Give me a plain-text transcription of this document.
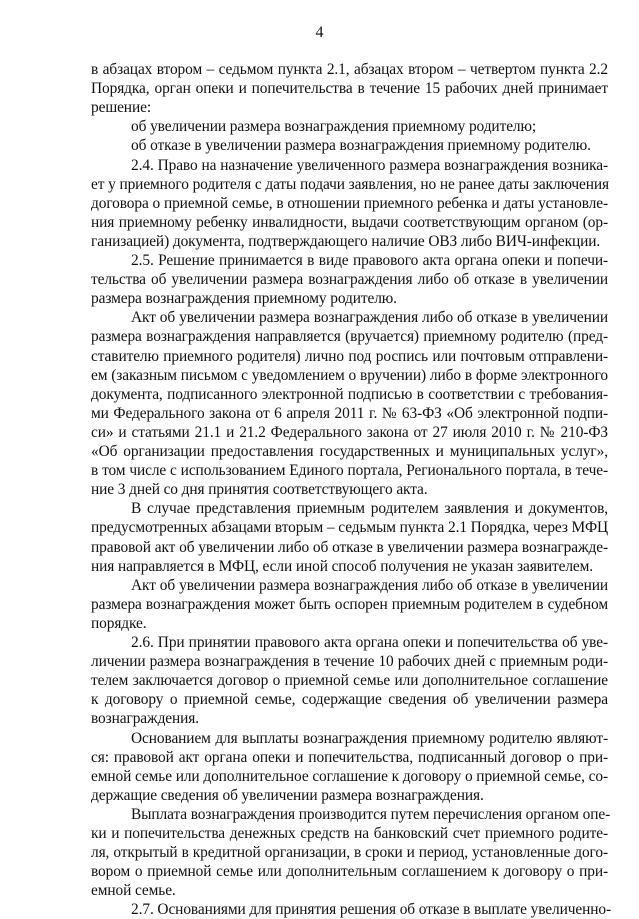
4
в абзацах втором – седьмом пункта 2.1, абзацах втором – четвертом пункта 2.2
Порядка, орган опеки и попечительства в течение 15 рабочих дней принимает
решение:
об увеличении размера вознаграждения приемному родителю;
об отказе в увеличении размера вознаграждения приемному родителю.
2.4. Право на назначение увеличенного размера вознаграждения возника-
ет у приемного родителя с даты подачи заявления, но не ранее даты заключения
договора о приемной семье, в отношении приемного ребенка и даты установле-
ния приемному ребенку инвалидности, выдачи соответствующим органом (ор-
ганизацией) документа, подтверждающего наличие ОВЗ либо ВИЧ-инфекции.
2.5. Решение принимается в виде правового акта органа опеки и попечи-
тельства об увеличении размера вознаграждения либо об отказе в увеличении
размера вознаграждения приемному родителю.
Акт об увеличении размера вознаграждения либо об отказе в увеличении
размера вознаграждения направляется (вручается) приемному родителю (пред-
ставителю приемного родителя) лично под роспись или почтовым отправлени-
ем (заказным письмом с уведомлением о вручении) либо в форме электронного
документа, подписанного электронной подписью в соответствии с требования-
ми Федерального закона от 6 апреля 2011 г. № 63-ФЗ «Об электронной подпи-
си» и статьями 21.1 и 21.2 Федерального закона от 27 июля 2010 г. № 210-ФЗ
«Об организации предоставления государственных и муниципальных услуг»,
в том числе с использованием Единого портала, Регионального портала, в тече-
ние 3 дней со дня принятия соответствующего акта.
В случае представления приемным родителем заявления и документов,
предусмотренных абзацами вторым – седьмым пункта 2.1 Порядка, через МФЦ
правовой акт об увеличении либо об отказе в увеличении размера вознагражде-
ния направляется в МФЦ, если иной способ получения не указан заявителем.
Акт об увеличении размера вознаграждения либо об отказе в увеличении
размера вознаграждения может быть оспорен приемным родителем в судебном
порядке.
2.6. При принятии правового акта органа опеки и попечительства об уве-
личении размера вознаграждения в течение 10 рабочих дней с приемным роди-
телем заключается договор о приемной семье или дополнительное соглашение
к договору о приемной семье, содержащие сведения об увеличении размера
вознаграждения.
Основанием для выплаты вознаграждения приемному родителю являют-
ся: правовой акт органа опеки и попечительства, подписанный договор о при-
емной семье или дополнительное соглашение к договору о приемной семье, со-
держащие сведения об увеличении размера вознаграждения.
Выплата вознаграждения производится путем перечисления органом опе-
ки и попечительства денежных средств на банковский счет приемного родите-
ля, открытый в кредитной организации, в сроки и период, установленные дого-
вором о приемной семье или дополнительным соглашением к договору о при-
емной семье.
2.7. Основаниями для принятия решения об отказе в выплате увеличенно-
